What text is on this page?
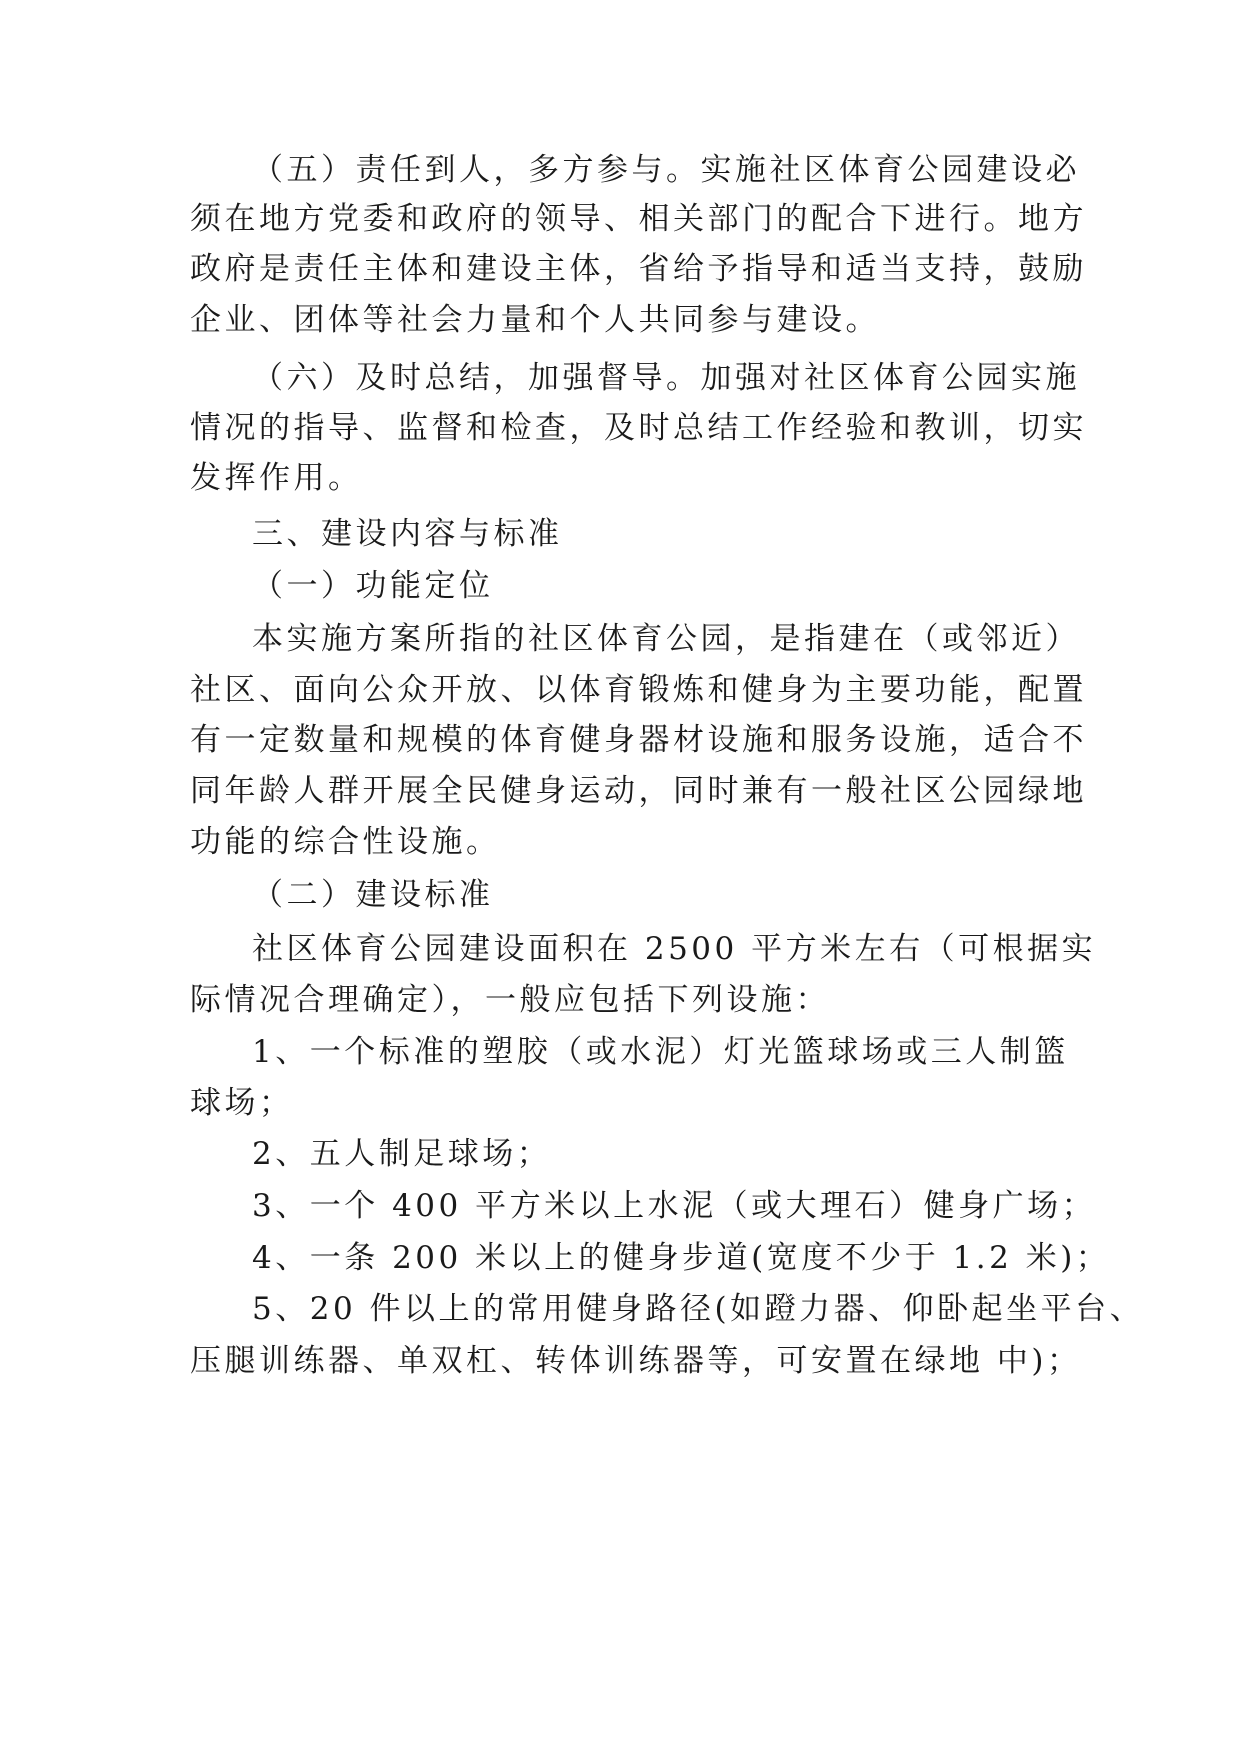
（五）责任到人，多方参与。实施社区体育公园建设必
须在地方党委和政府的领导、相关部门的配合下进行。地方
政府是责任主体和建设主体，省给予指导和适当支持，鼓励
企业、团体等社会力量和个人共同参与建设。
（六）及时总结，加强督导。加强对社区体育公园实施
情况的指导、监督和检查，及时总结工作经验和教训，切实
发挥作用。
三、建设内容与标准
（一）功能定位
本实施方案所指的社区体育公园，是指建在（或邻近）
社区、面向公众开放、以体育锻炼和健身为主要功能，配置
有一定数量和规模的体育健身器材设施和服务设施，适合不
同年龄人群开展全民健身运动，同时兼有一般社区公园绿地
功能的综合性设施。
（二）建设标准
社区体育公园建设面积在 2500 平方米左右（可根据实
际情况合理确定），一般应包括下列设施：
1、一个标准的塑胶（或水泥）灯光篮球场或三人制篮
球场；
2、五人制足球场；
3、一个 400 平方米以上水泥（或大理石）健身广场；
4、一条 200 米以上的健身步道(宽度不少于 1.2 米)；
5、20 件以上的常用健身路径(如蹬力器、仰卧起坐平台、
压腿训练器、单双杠、转体训练器等，可安置在绿地 中)；
